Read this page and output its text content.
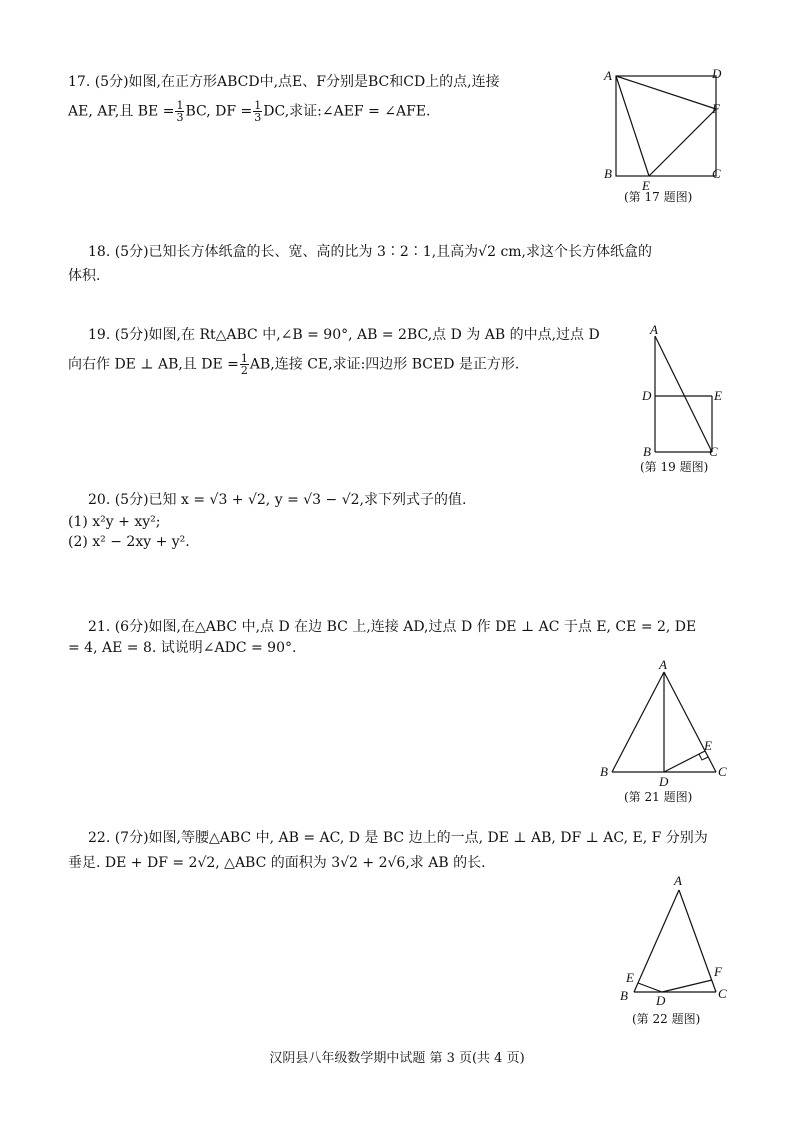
17. (5分)如图,在正方形ABCD中,点E、F分别是BC和CD上的点,连接
AE, AF,且 BE = $\frac{1}{3}$ BC, DF = $\frac{1}{3}$ DC,求证:∠AEF = ∠AFE.
A	D
F
B	C
E
(第 17 题图)
18. (5分)已知长方体纸盒的长、宽、高的比为 3∶2∶1,且高为√2 cm,求这个长方体纸盒的
体积.
19. (5分)如图,在 Rt△ABC 中,∠B = 90°, AB = 2BC,点 D 为 AB 的中点,过点 D
向右作 DE ⊥ AB,且 DE = $\frac{1}{2}$ AB,连接 CE,求证:四边形 BCED 是正方形.
A
D	E
B	C
(第 19 题图)
20. (5分)已知 x = √3 + √2, y = √3 − √2,求下列式子的值.
(1) x²y + xy²;
(2) x² − 2xy + y².
21. (6分)如图,在△ABC 中,点 D 在边 BC 上,连接 AD,过点 D 作 DE ⊥ AC 于点 E, CE = 2, DE
= 4, AE = 8. 试说明∠ADC = 90°.
A
E
B	C
D
(第 21 题图)
22. (7分)如图,等腰△ABC 中, AB = AC, D 是 BC 边上的一点, DE ⊥ AB, DF ⊥ AC, E, F 分别为
垂足. DE + DF = 2√2, △ABC 的面积为 3√2 + 2√6,求 AB 的长.
A
E	F
B	C
D
(第 22 题图)
汉阴县八年级数学期中试题 第 3 页(共 4 页)
